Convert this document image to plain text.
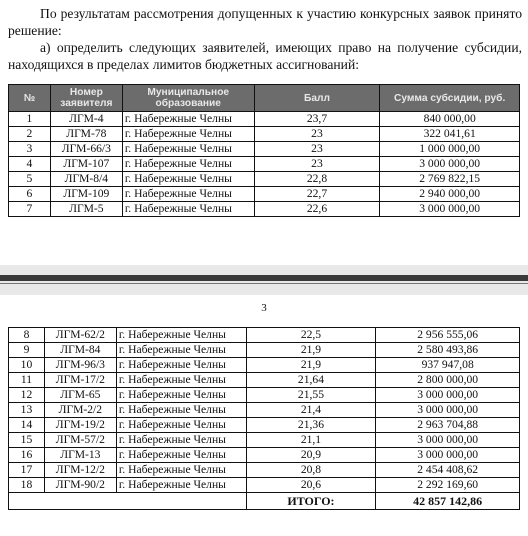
По результатам рассмотрения допущенных к участию конкурсных заявок принято решение:
а) определить следующих заявителей, имеющих право на получение субсидии, находящихся в пределах лимитов бюджетных ассигнований:
№	Номер заявителя	Муниципальное образование	Балл	Сумма субсидии, руб.
1	ЛГМ-4	г. Набережные Челны	23,7	840 000,00
2	ЛГМ-78	г. Набережные Челны	23	322 041,61
3	ЛГМ-66/3	г. Набережные Челны	23	1 000 000,00
4	ЛГМ-107	г. Набережные Челны	23	3 000 000,00
5	ЛГМ-8/4	г. Набережные Челны	22,8	2 769 822,15
6	ЛГМ-109	г. Набережные Челны	22,7	2 940 000,00
7	ЛГМ-5	г. Набережные Челны	22,6	3 000 000,00
3
8	ЛГМ-62/2	г. Набережные Челны	22,5	2 956 555,06
9	ЛГМ-84	г. Набережные Челны	21,9	2 580 493,86
10	ЛГМ-96/3	г. Набережные Челны	21,9	937 947,08
11	ЛГМ-17/2	г. Набережные Челны	21,64	2 800 000,00
12	ЛГМ-65	г. Набережные Челны	21,55	3 000 000,00
13	ЛГМ-2/2	г. Набережные Челны	21,4	3 000 000,00
14	ЛГМ-19/2	г. Набережные Челны	21,36	2 963 704,88
15	ЛГМ-57/2	г. Набережные Челны	21,1	3 000 000,00
16	ЛГМ-13	г. Набережные Челны	20,9	3 000 000,00
17	ЛГМ-12/2	г. Набережные Челны	20,8	2 454 408,62
18	ЛГМ-90/2	г. Набережные Челны	20,6	2 292 169,60
			ИТОГО:	42 857 142,86
